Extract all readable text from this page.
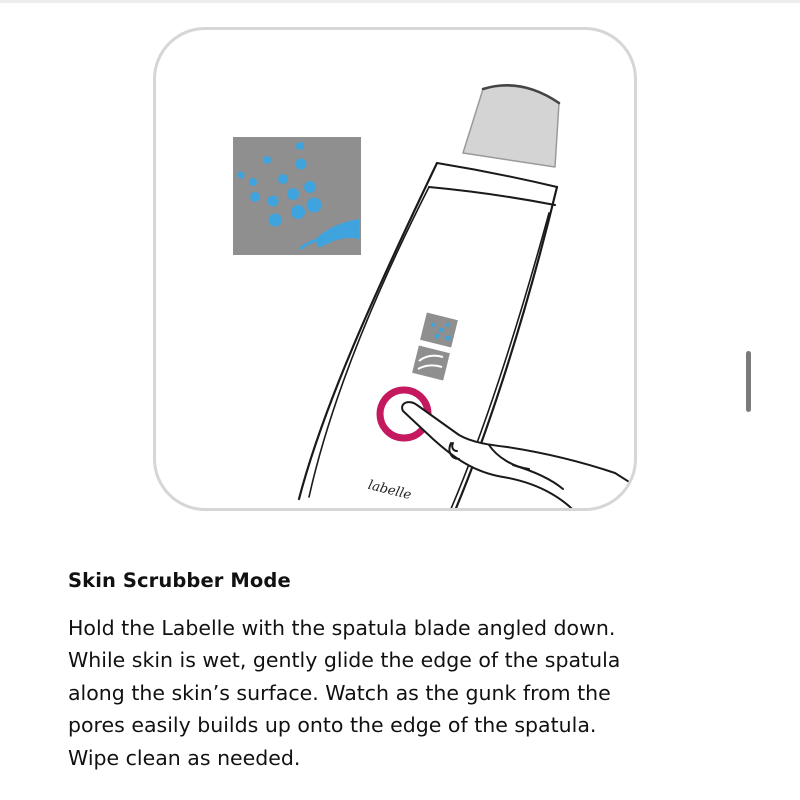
labelle
Skin Scrubber Mode

Hold the Labelle with the spatula blade angled down.
While skin is wet, gently glide the edge of the spatula
along the skin’s surface. Watch as the gunk from the
pores easily builds up onto the edge of the spatula.
Wipe clean as needed.
